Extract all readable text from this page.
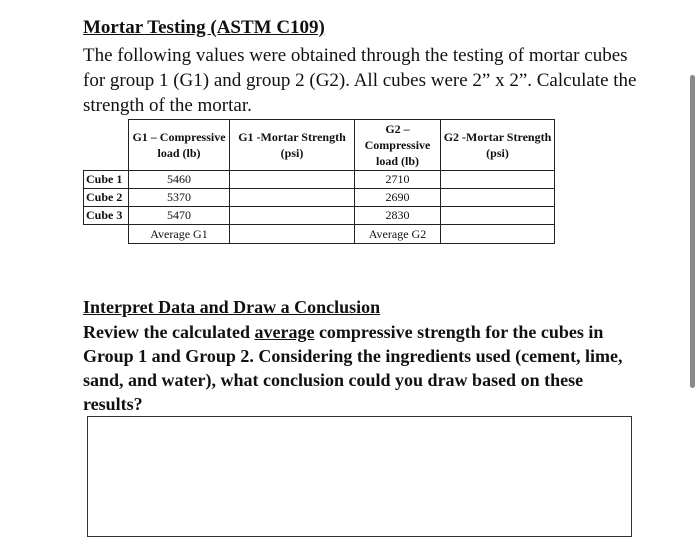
Mortar Testing (ASTM C109)
The following values were obtained through the testing of mortar cubes for group 1 (G1) and group 2 (G2). All cubes were 2” x 2”. Calculate the strength of the mortar.
	G1 – Compressive load (lb)	G1 -Mortar Strength (psi)	G2 – Compressive load (lb)	G2 -Mortar Strength (psi)
Cube 1	5460		2710	
Cube 2	5370		2690	
Cube 3	5470		2830	
	Average G1		Average G2	
Interpret Data and Draw a Conclusion
Review the calculated average compressive strength for the cubes in Group 1 and Group 2. Considering the ingredients used (cement, lime, sand, and water), what conclusion could you draw based on these results?
